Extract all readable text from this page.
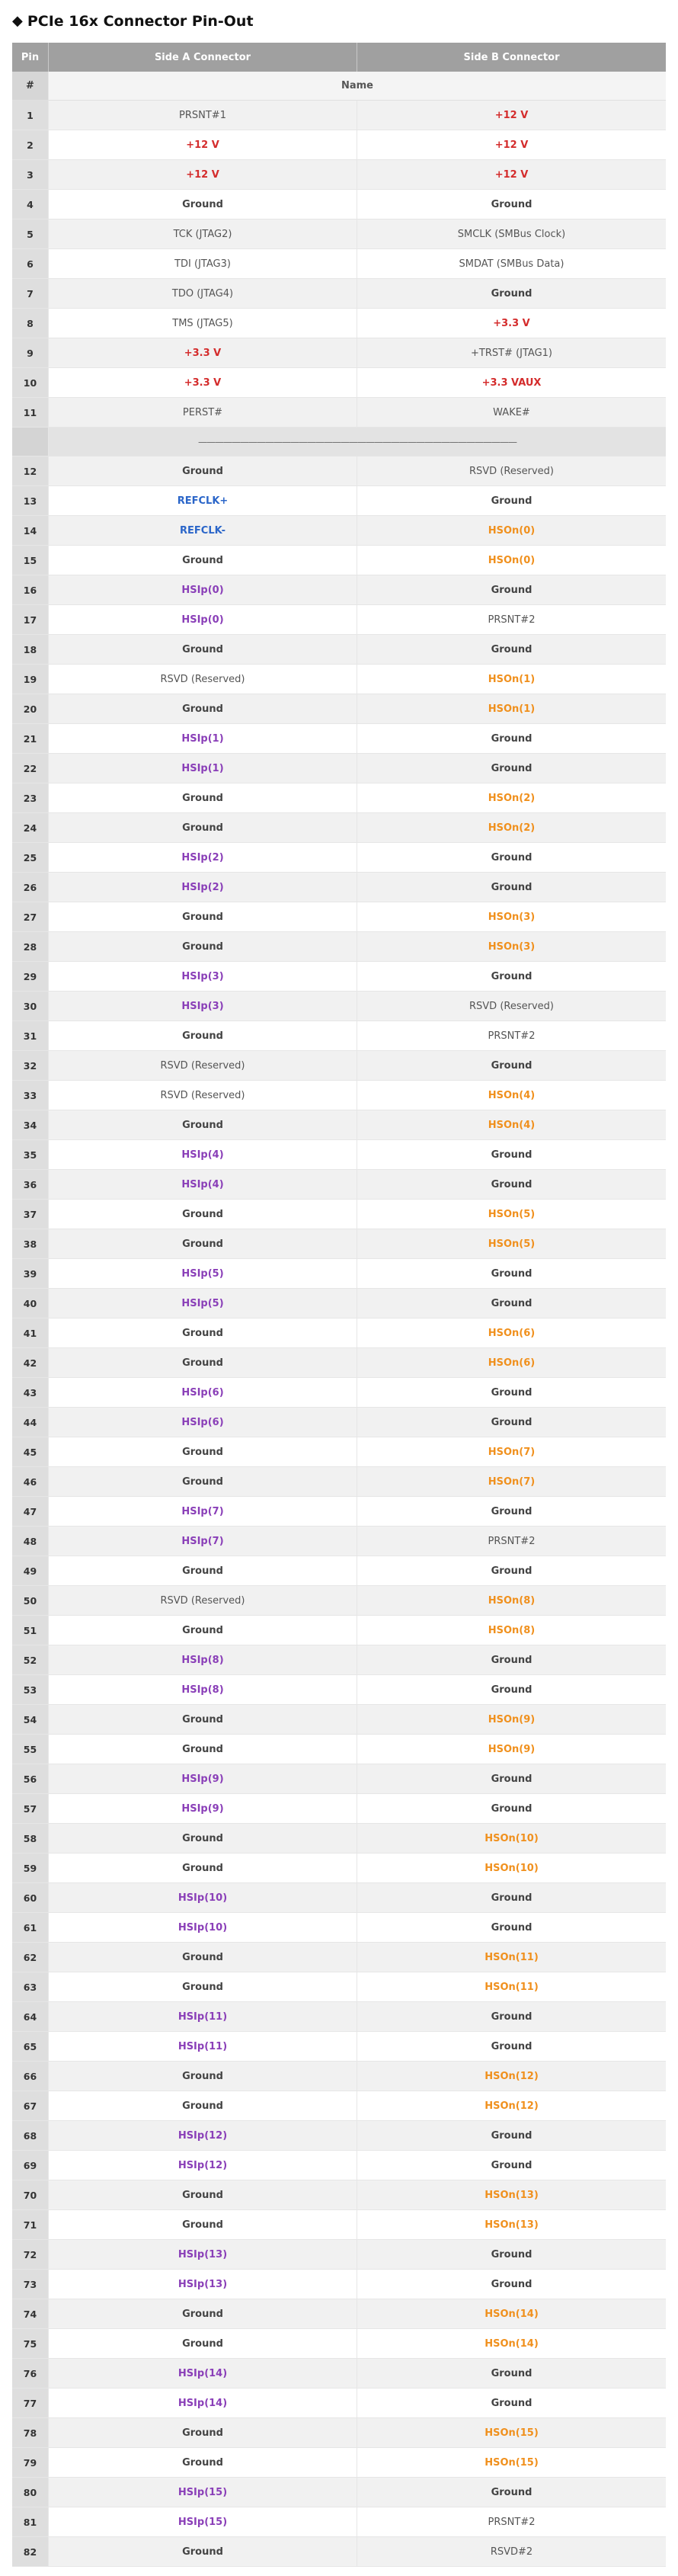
◆ PCIe 16x Connector Pin-Out
Pin	Side A Connector	Side B Connector
#	Name	
1	PRSNT#1	+12 V
2	+12 V	+12 V
3	+12 V	+12 V
4	Ground	Ground
5	TCK (JTAG2)	SMCLK (SMBus Clock)
6	TDI (JTAG3)	SMDAT (SMBus Data)
7	TDO (JTAG4)	Ground
8	TMS (JTAG5)	+3.3 V
9	+3.3 V	+TRST# (JTAG1)
10	+3.3 V	+3.3 VAUX
11	PERST#	WAKE#
	——————————————————————————————————————	
12	Ground	RSVD (Reserved)
13	REFCLK+	Ground
14	REFCLK-	HSOn(0)
15	Ground	HSOn(0)
16	HSIp(0)	Ground
17	HSIp(0)	PRSNT#2
18	Ground	Ground
19	RSVD (Reserved)	HSOn(1)
20	Ground	HSOn(1)
21	HSIp(1)	Ground
22	HSIp(1)	Ground
23	Ground	HSOn(2)
24	Ground	HSOn(2)
25	HSIp(2)	Ground
26	HSIp(2)	Ground
27	Ground	HSOn(3)
28	Ground	HSOn(3)
29	HSIp(3)	Ground
30	HSIp(3)	RSVD (Reserved)
31	Ground	PRSNT#2
32	RSVD (Reserved)	Ground
33	RSVD (Reserved)	HSOn(4)
34	Ground	HSOn(4)
35	HSIp(4)	Ground
36	HSIp(4)	Ground
37	Ground	HSOn(5)
38	Ground	HSOn(5)
39	HSIp(5)	Ground
40	HSIp(5)	Ground
41	Ground	HSOn(6)
42	Ground	HSOn(6)
43	HSIp(6)	Ground
44	HSIp(6)	Ground
45	Ground	HSOn(7)
46	Ground	HSOn(7)
47	HSIp(7)	Ground
48	HSIp(7)	PRSNT#2
49	Ground	Ground
50	RSVD (Reserved)	HSOn(8)
51	Ground	HSOn(8)
52	HSIp(8)	Ground
53	HSIp(8)	Ground
54	Ground	HSOn(9)
55	Ground	HSOn(9)
56	HSIp(9)	Ground
57	HSIp(9)	Ground
58	Ground	HSOn(10)
59	Ground	HSOn(10)
60	HSIp(10)	Ground
61	HSIp(10)	Ground
62	Ground	HSOn(11)
63	Ground	HSOn(11)
64	HSIp(11)	Ground
65	HSIp(11)	Ground
66	Ground	HSOn(12)
67	Ground	HSOn(12)
68	HSIp(12)	Ground
69	HSIp(12)	Ground
70	Ground	HSOn(13)
71	Ground	HSOn(13)
72	HSIp(13)	Ground
73	HSIp(13)	Ground
74	Ground	HSOn(14)
75	Ground	HSOn(14)
76	HSIp(14)	Ground
77	HSIp(14)	Ground
78	Ground	HSOn(15)
79	Ground	HSOn(15)
80	HSIp(15)	Ground
81	HSIp(15)	PRSNT#2
82	Ground	RSVD#2
